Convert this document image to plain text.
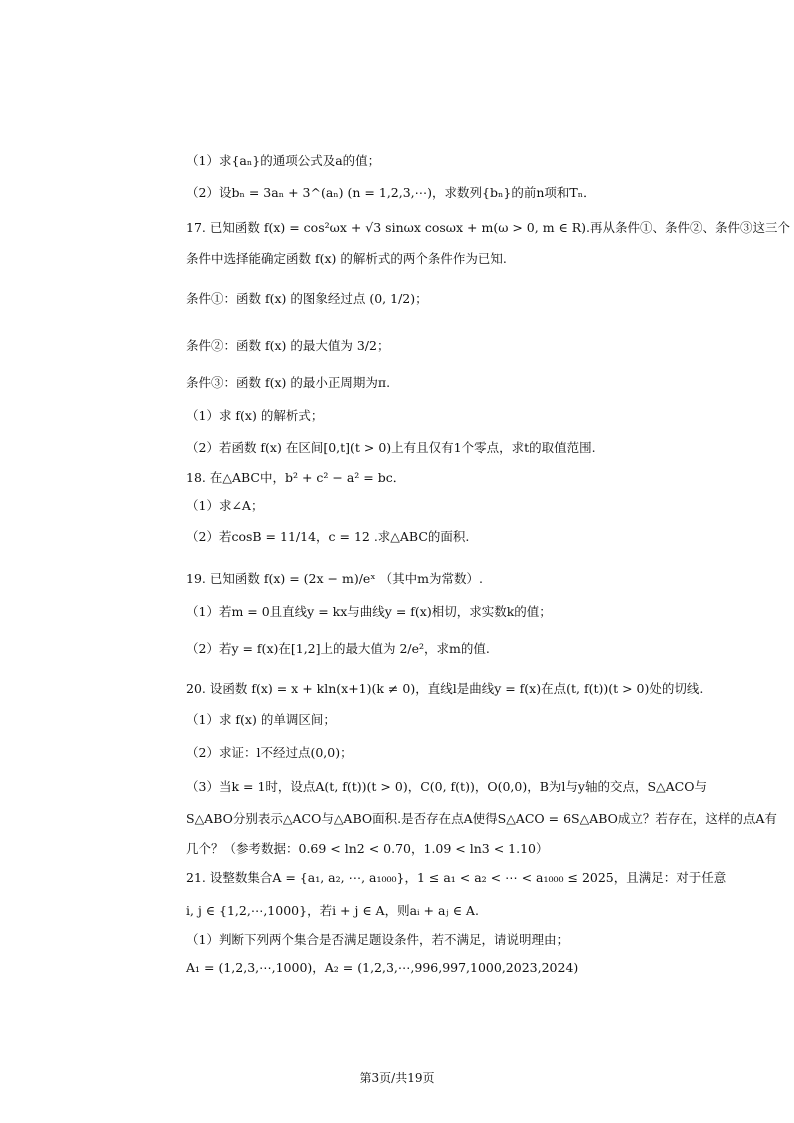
（1）求{aₙ}的通项公式及a的值；
（2）设bₙ = 3aₙ + 3^(aₙ) (n = 1,2,3,⋯)，求数列{bₙ}的前n项和Tₙ．
17. 已知函数 f(x) = cos²ωx + √3 sinωx cosωx + m(ω > 0, m ∈ R).再从条件①、条件②、条件③这三个
条件中选择能确定函数 f(x) 的解析式的两个条件作为已知.
条件①：函数 f(x) 的图象经过点 (0, 1/2)；
条件②：函数 f(x) 的最大值为 3/2；
条件③：函数 f(x) 的最小正周期为π.
（1）求 f(x) 的解析式；
（2）若函数 f(x) 在区间[0,t](t > 0)上有且仅有1个零点，求t的取值范围.
18. 在△ABC中，b² + c² − a² = bc．
（1）求∠A；
（2）若cosB = 11/14，c = 12 .求△ABC的面积.
19. 已知函数 f(x) = (2x − m)/eˣ （其中m为常数）.
（1）若m = 0且直线y = kx与曲线y = f(x)相切，求实数k的值；
（2）若y = f(x)在[1,2]上的最大值为 2/e²，求m的值.
20. 设函数 f(x) = x + kln(x+1)(k ≠ 0)，直线l是曲线y = f(x)在点(t, f(t))(t > 0)处的切线.
（1）求 f(x) 的单调区间；
（2）求证：l不经过点(0,0)；
（3）当k = 1时，设点A(t, f(t))(t > 0)，C(0, f(t))，O(0,0)，B为l与y轴的交点，S△ACO与
S△ABO分别表示△ACO与△ABO面积.是否存在点A使得S△ACO = 6S△ABO成立？若存在，这样的点A有
几个？（参考数据：0.69 < ln2 < 0.70，1.09 < ln3 < 1.10）
21. 设整数集合A = {a₁, a₂, ⋯, a₁₀₀₀}，1 ≤ a₁ < a₂ < ⋯ < a₁₀₀₀ ≤ 2025，且满足：对于任意
i, j ∈ {1,2,⋯,1000}，若i + j ∈ A，则aᵢ + aⱼ ∈ A.
（1）判断下列两个集合是否满足题设条件，若不满足，请说明理由；
A₁ = (1,2,3,⋯,1000)，A₂ = (1,2,3,⋯,996,997,1000,2023,2024)
第3页/共19页
